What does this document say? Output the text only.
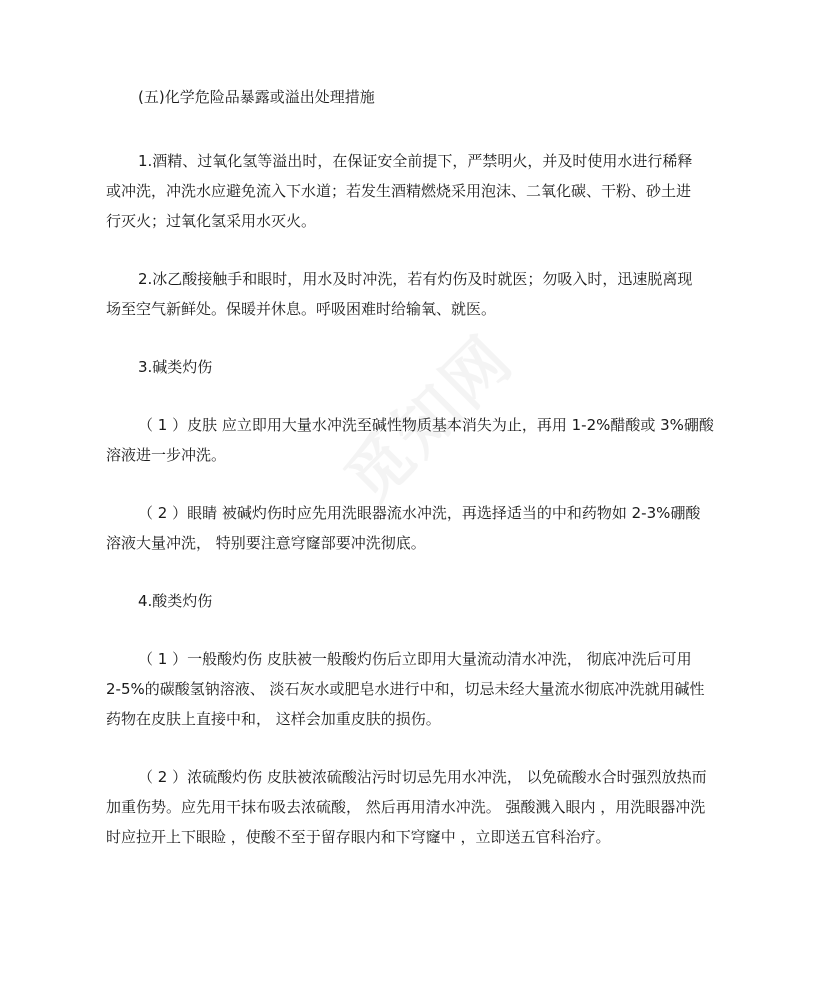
(五)化学危险品暴露或溢出处理措施

1.酒精、过氧化氢等溢出时，在保证安全前提下，严禁明火，并及时使用水进行稀释

或冲洗，冲洗水应避免流入下水道；若发生酒精燃烧采用泡沫、二氧化碳、干粉、砂土进

行灭火；过氧化氢采用水灭火。

2.冰乙酸接触手和眼时，用水及时冲洗，若有灼伤及时就医；勿吸入时，迅速脱离现

场至空气新鲜处。保暖并休息。呼吸困难时给输氧、就医。

3.碱类灼伤

（ 1 ）皮肤 应立即用大量水冲洗至碱性物质基本消失为止，再用 1-2%醋酸或 3%硼酸

溶液进一步冲洗。

（ 2 ）眼睛 被碱灼伤时应先用洗眼器流水冲洗，再选择适当的中和药物如 2-3%硼酸

溶液大量冲洗， 特别要注意穹窿部要冲洗彻底。

4.酸类灼伤

（ 1 ）一般酸灼伤 皮肤被一般酸灼伤后立即用大量流动清水冲洗， 彻底冲洗后可用

2-5%的碳酸氢钠溶液、 淡石灰水或肥皂水进行中和，切忌未经大量流水彻底冲洗就用碱性

药物在皮肤上直接中和， 这样会加重皮肤的损伤。

（ 2 ）浓硫酸灼伤 皮肤被浓硫酸沾污时切忌先用水冲洗， 以免硫酸水合时强烈放热而

加重伤势。应先用干抹布吸去浓硫酸， 然后再用清水冲洗。 强酸溅入眼内 ，用洗眼器冲洗

时应拉开上下眼睑 ，使酸不至于留存眼内和下穹窿中 ，立即送五官科治疗。
